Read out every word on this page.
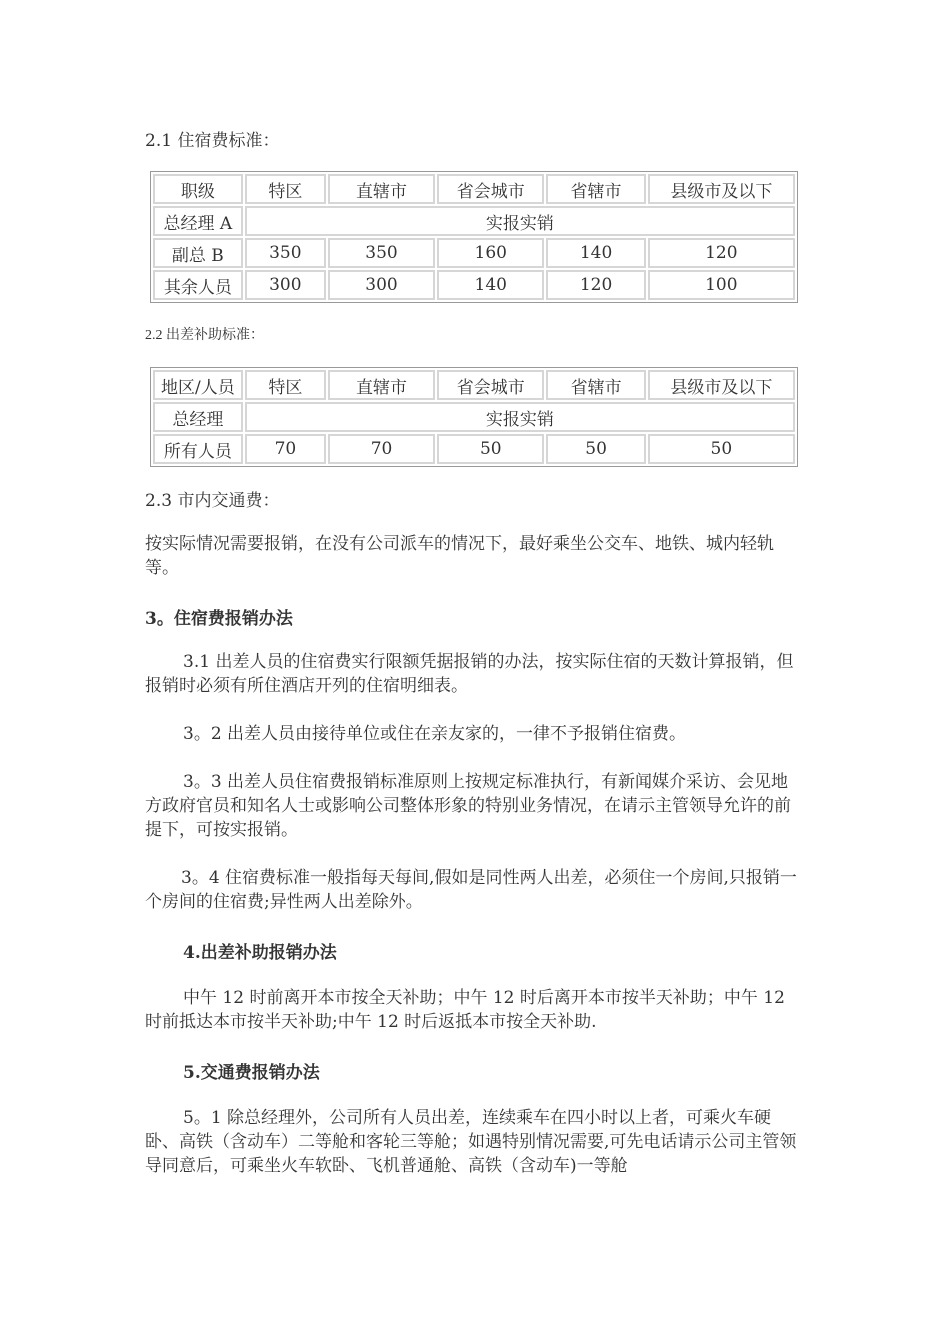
2.1 住宿费标准：
职级	特区	直辖市	省会城市	省辖市	县级市及以下
总经理 A	实报实销				
副总 B	350	350	160	140	120
其余人员	300	300	140	120	100
2.2 出差补助标准：
地区/人员	特区	直辖市	省会城市	省辖市	县级市及以下
总经理	实报实销				
所有人员	70	70	50	50	50
2.3 市内交通费：
按实际情况需要报销，在没有公司派车的情况下，最好乘坐公交车、地铁、城内轻轨等。
3。住宿费报销办法
3.1 出差人员的住宿费实行限额凭据报销的办法，按实际住宿的天数计算报销，但报销时必须有所住酒店开列的住宿明细表。
3。2 出差人员由接待单位或住在亲友家的，一律不予报销住宿费。
3。3 出差人员住宿费报销标准原则上按规定标准执行，有新闻媒介采访、会见地方政府官员和知名人士或影响公司整体形象的特别业务情况，在请示主管领导允许的前提下，可按实报销。
3。4 住宿费标准一般指每天每间,假如是同性两人出差，必须住一个房间,只报销一个房间的住宿费;异性两人出差除外。
4.出差补助报销办法
中午 12 时前离开本市按全天补助；中午 12 时后离开本市按半天补助；中午 12 时前抵达本市按半天补助;中午 12 时后返抵本市按全天补助.
5.交通费报销办法
5。1 除总经理外，公司所有人员出差，连续乘车在四小时以上者，可乘火车硬卧、高铁（含动车）二等舱和客轮三等舱；如遇特别情况需要,可先电话请示公司主管领导同意后，可乘坐火车软卧、飞机普通舱、高铁（含动车)一等舱
